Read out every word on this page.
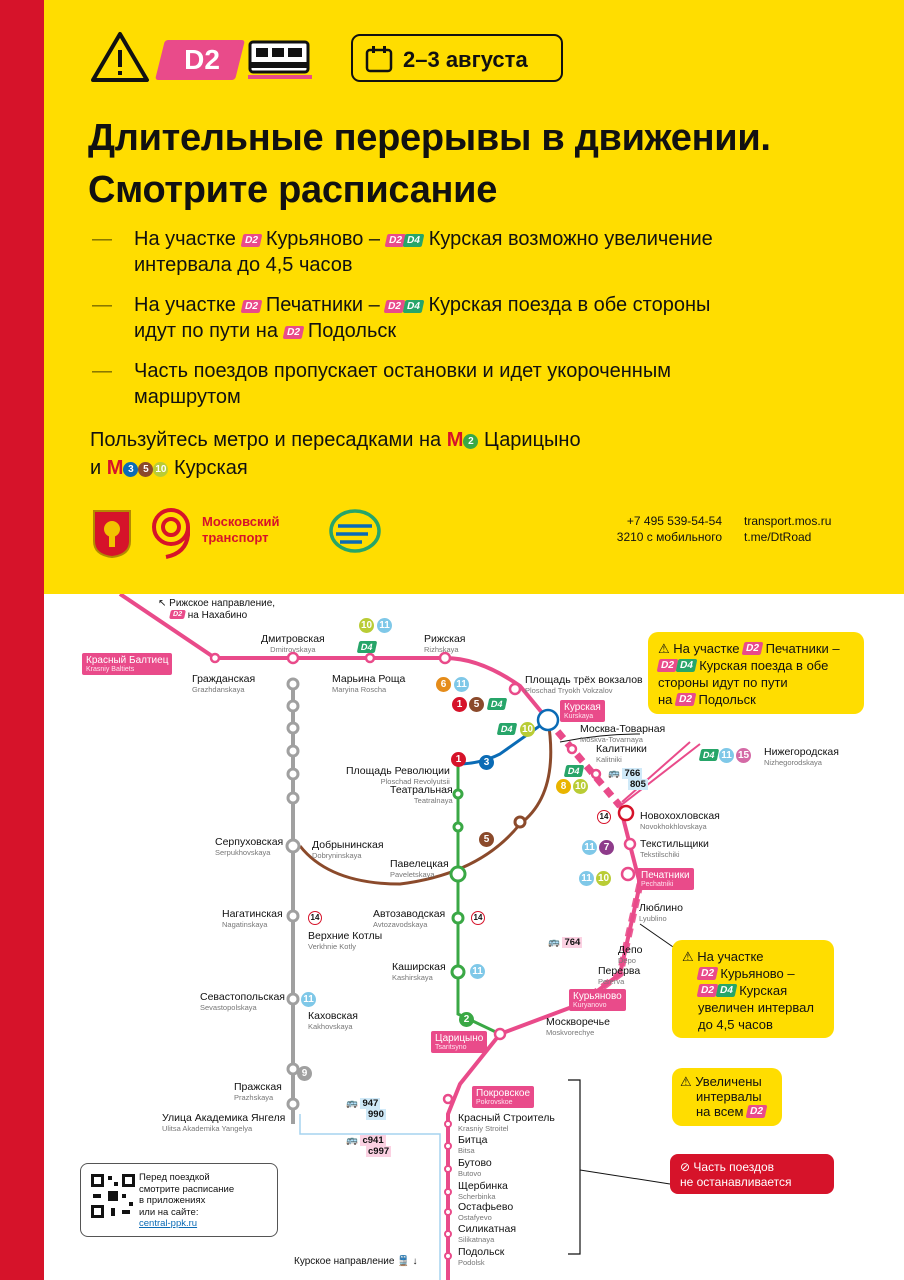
D2	2–3 августа
Длительные перерывы в движении.
Смотрите расписание
— На участке D2 Курьяново – D2 D4 Курская возможно увеличение
интервала до 4,5 часов
— На участке D2 Печатники – D2 D4 Курская поезда в обе стороны
идут по пути на D2 Подольск
— Часть поездов пропускает остановки и идет укороченным
маршрутом
Пользуйтесь метро и пересадками на М 2 Царицыно
и М 3 5 10 Курская
Московский
транспорт
+7 495 539-54-54
3210 с мобильного
transport.mos.ru
t.me/DtRoad
↖ Рижское направление,
D2 на Нахабино
Красный Балтиец
Krasniy Baltiets
Гражданская
Grazhdanskaya
Дмитровская
Dmitrovskaya
Марьина Роща
Maryina Roscha
Рижская
Rizhskaya
Площадь трёх вокзалов
Ploschad Tryokh Vokzalov
Курская
Kurskaya
Москва-Товарная
Moskva-Tovarnaya
Калитники
Kalitniki
Нижегородская
Nizhegorodskaya
Новохохловская
Novokhokhlovskaya
Текстильщики
Tekstilschiki
Печатники
Pechatniki
Люблино
Lyublino
Депо
Depo
Перерва
Pererva
Курьяново
Kuryanovo
Москворечье
Moskvorechye
Царицыно
Tsaritsyno
Покровское
Pokrovskoe
Красный Строитель
Krasniy Stroitel
Битца
Bitsa
Бутово
Butovo
Щербинка
Scherbinka
Остафьево
Ostafyevo
Силикатная
Silikatnaya
Подольск
Podolsk
Площадь Революции
Ploschad Revolyutsii
Театральная
Teatralnaya
Серпуховская
Serpukhovskaya
Добрынинская
Dobryninskaya
Павелецкая
Paveletskaya
Нагатинская
Nagatinskaya
Верхние Котлы
Verkhnie Kotly
Автозаводская
Avtozavodskaya
Каширская
Kashirskaya
Севастопольская
Sevastopolskaya
Каховская
Kakhovskaya
Пражская
Prazhskaya
Улица Академика Янгеля
Ulitsa Akademika Yangelya
10 11
D4
6 11
1	5	D4
D4 10
1	3
D4
8 10
D4 11 15
14
11 7
11 10
5
14	14
11
2
11
9
🚌 766
805
🚌 764
🚌 947
990
🚌 с941
с997
⚠ На участке D2 Печатники –
D2 D4 Курская поезда в обе
стороны идут по пути
на D2 Подольск
⚠ На участке
D2 Курьяново –
D2 D4 Курская
увеличен интервал
до 4,5 часов
⚠ Увеличены
интервалы
на всем D2
⊘ Часть поездов
не останавливается
Перед поездкой
смотрите расписание
в приложениях
или на сайте:
central-ppk.ru
Курское направление 🚆 ↓
